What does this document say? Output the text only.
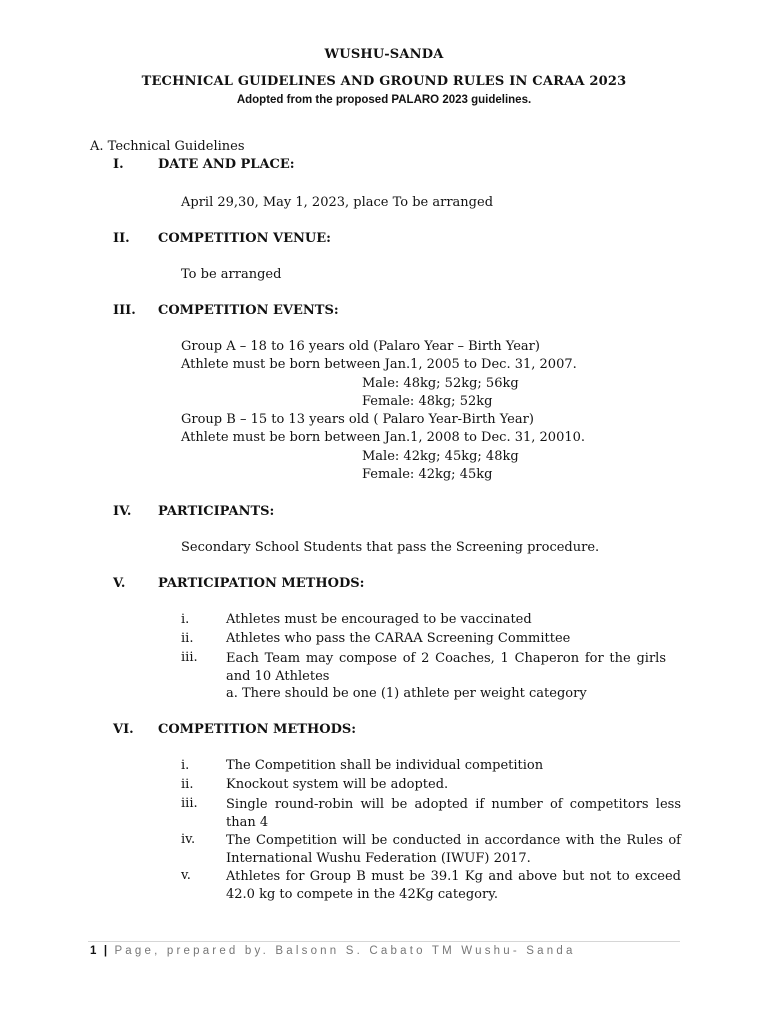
WUSHU-SANDA
TECHNICAL GUIDELINES AND GROUND RULES IN CARAA 2023
Adopted from the proposed PALARO 2023 guidelines.
A. Technical Guidelines
I.	DATE AND PLACE:
April 29,30, May 1, 2023, place To be arranged
II. COMPETITION VENUE:
To be arranged
III. COMPETITION EVENTS:
Group A – 18 to 16 years old (Palaro Year – Birth Year)
Athlete must be born between Jan.1, 2005 to Dec. 31, 2007.
Male: 48kg; 52kg; 56kg
Female: 48kg; 52kg
Group B – 15 to 13 years old ( Palaro Year-Birth Year)
Athlete must be born between Jan.1, 2008 to Dec. 31, 20010.
Male: 42kg; 45kg; 48kg
Female: 42kg; 45kg
IV. PARTICIPANTS:
Secondary School Students that pass the Screening procedure.
V.	PARTICIPATION METHODS:
i.	Athletes must be encouraged to be vaccinated
ii.	Athletes who pass the CARAA Screening Committee
iii. Each Team may compose of 2 Coaches, 1 Chaperon for the girls and 10 Athletes
a. There should be one (1) athlete per weight category
VI. COMPETITION METHODS:
i.	The Competition shall be individual competition
ii.	Knockout system will be adopted.
iii. Single round-robin will be adopted if number of competitors less than 4
iv. The Competition will be conducted in accordance with the Rules of International Wushu Federation (IWUF) 2017.
v.	Athletes for Group B must be 39.1 Kg and above but not to exceed 42.0 kg to compete in the 42Kg category.
1 | Page, prepared by. Balsonn S. Cabato TM Wushu- Sanda
